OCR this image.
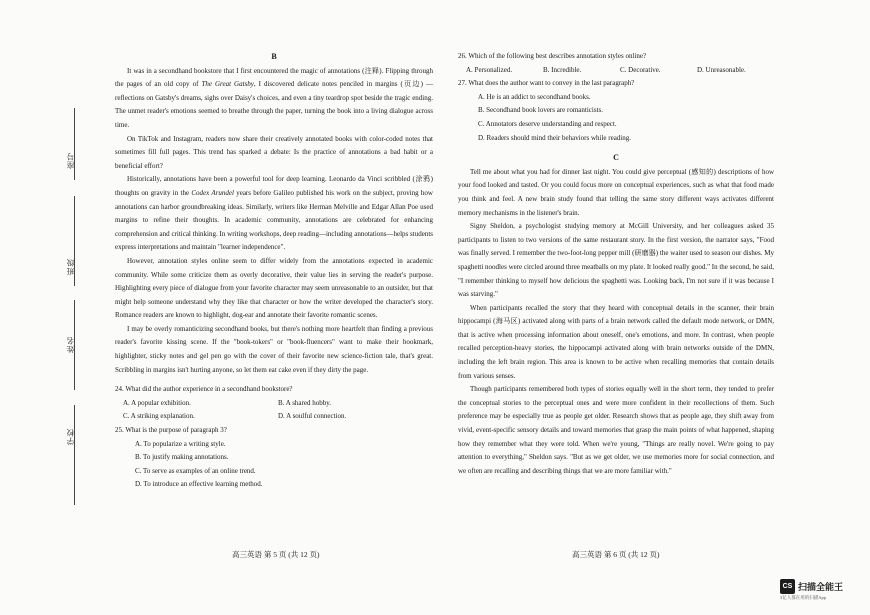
座号
班级
姓名
学校
B

It was in a secondhand bookstore that I first encountered the magic of annotations (注释). Flipping through the pages of an old copy of The Great Gatsby, I discovered delicate notes penciled in margins (页边) —reflections on Gatsby's dreams, sighs over Daisy's choices, and even a tiny teardrop spot beside the tragic ending. The unmet reader's emotions seemed to breathe through the paper, turning the book into a living dialogue across time.

On TikTok and Instagram, readers now share their creatively annotated books with color-coded notes that sometimes fill full pages. This trend has sparked a debate: Is the practice of annotations a bad habit or a beneficial effort?

Historically, annotations have been a powerful tool for deep learning. Leonardo da Vinci scribbled (涂鸦) thoughts on gravity in the Codex Arundel years before Galileo published his work on the subject, proving how annotations can harbor groundbreaking ideas. Similarly, writers like Herman Melville and Edgar Allan Poe used margins to refine their thoughts. In academic community, annotations are celebrated for enhancing comprehension and critical thinking. In writing workshops, deep reading—including annotations—helps students express interpretations and maintain "learner independence".

However, annotation styles online seem to differ widely from the annotations expected in academic community. While some criticize them as overly decorative, their value lies in serving the reader's purpose. Highlighting every piece of dialogue from your favorite character may seem unreasonable to an outsider, but that might help someone understand why they like that character or how the writer developed the character's story. Romance readers are known to highlight, dog-ear and annotate their favorite romantic scenes.

I may be overly romanticizing secondhand books, but there's nothing more heartfelt than finding a previous reader's favorite kissing scene. If the "book-tokers" or "book-fluencers" want to make their bookmark, highlighter, sticky notes and gel pen go with the cover of their favorite new science-fiction tale, that's great. Scribbling in margins isn't hurting anyone, so let them eat cake even if they dirty the page.

24. What did the author experience in a secondhand bookstore?

A. A popular exhibition.	B. A shared hobby.
C. A striking explanation.	D. A soulful connection.

25. What is the purpose of paragraph 3?

A. To popularize a writing style.

B. To justify making annotations.

C. To serve as examples of an online trend.

D. To introduce an effective learning method.

高三英语 第 5 页 (共 12 页)

26. Which of the following best describes annotation styles online?

A. Personalized.	B. Incredible.	C. Decorative.	D. Unreasonable.

27. What does the author want to convey in the last paragraph?

A. He is an addict to secondhand books.

B. Secondhand book lovers are romanticists.

C. Annotators deserve understanding and respect.

D. Readers should mind their behaviors while reading.

C

Tell me about what you had for dinner last night. You could give perceptual (感知的) descriptions of how your food looked and tasted. Or you could focus more on conceptual experiences, such as what that food made you think and feel. A new brain study found that telling the same story different ways activates different memory mechanisms in the listener's brain.

Signy Sheldon, a psychologist studying memory at McGill University, and her colleagues asked 35 participants to listen to two versions of the same restaurant story. In the first version, the narrator says, "Food was finally served. I remember the two-foot-long pepper mill (研磨器) the waiter used to season our dishes. My spaghetti noodles were circled around three meatballs on my plate. It looked really good." In the second, he said, "I remember thinking to myself how delicious the spaghetti was. Looking back, I'm not sure if it was because I was starving."

When participants recalled the story that they heard with conceptual details in the scanner, their brain hippocampi (海马区) activated along with parts of a brain network called the default mode network, or DMN, that is active when processing information about oneself, one's emotions, and more. In contrast, when people recalled perception-heavy stories, the hippocampi activated along with brain networks outside of the DMN, including the left brain region. This area is known to be active when recalling memories that contain details from various senses.

Though participants remembered both types of stories equally well in the short term, they tended to prefer the conceptual stories to the perceptual ones and were more confident in their recollections of them. Such preference may be especially true as people get older. Research shows that as people age, they shift away from vivid, event-specific sensory details and toward memories that grasp the main points of what happened, shaping how they remember what they were told. When we're young, "Things are really novel. We're going to pay attention to everything," Sheldon says. "But as we get older, we use memories more for social connection, and we often are recalling and describing things that we are more familiar with."

高三英语 第 6 页 (共 12 页)
CS 扫描全能王
3亿人都在用的扫描App
